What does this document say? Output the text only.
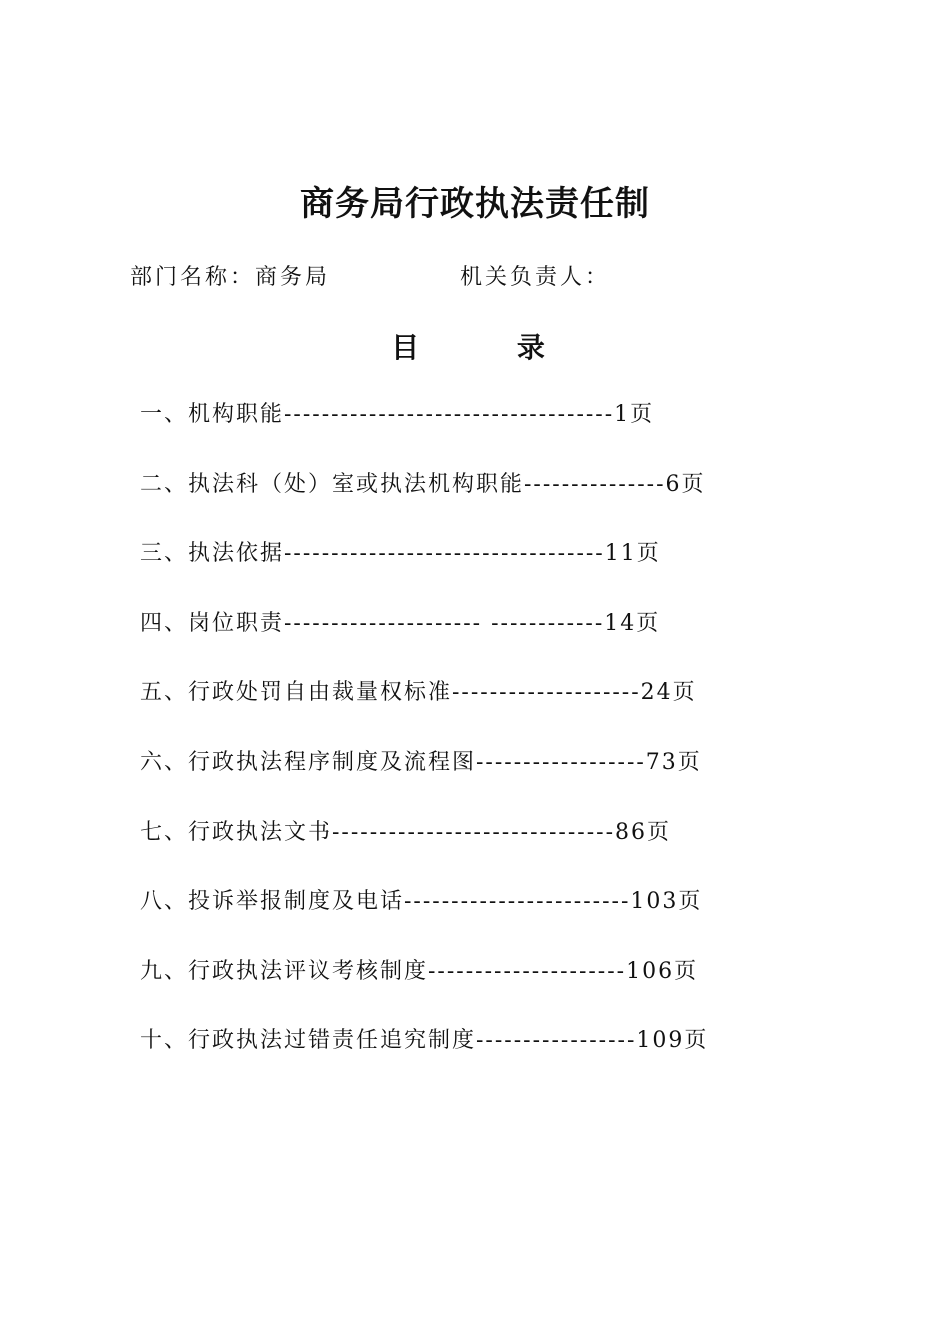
商务局行政执法责任制
部门名称：商务局	机关负责人：
目 录
一、机构职能-----------------------------------1页
二、执法科（处）室或执法机构职能---------------6页
三、执法依据----------------------------------11页
四、岗位职责--------------------- ------------14页
五、行政处罚自由裁量权标准--------------------24页
六、行政执法程序制度及流程图------------------73页
七、行政执法文书------------------------------86页
八、投诉举报制度及电话------------------------103页
九、行政执法评议考核制度---------------------106页
十、行政执法过错责任追究制度-----------------109页
